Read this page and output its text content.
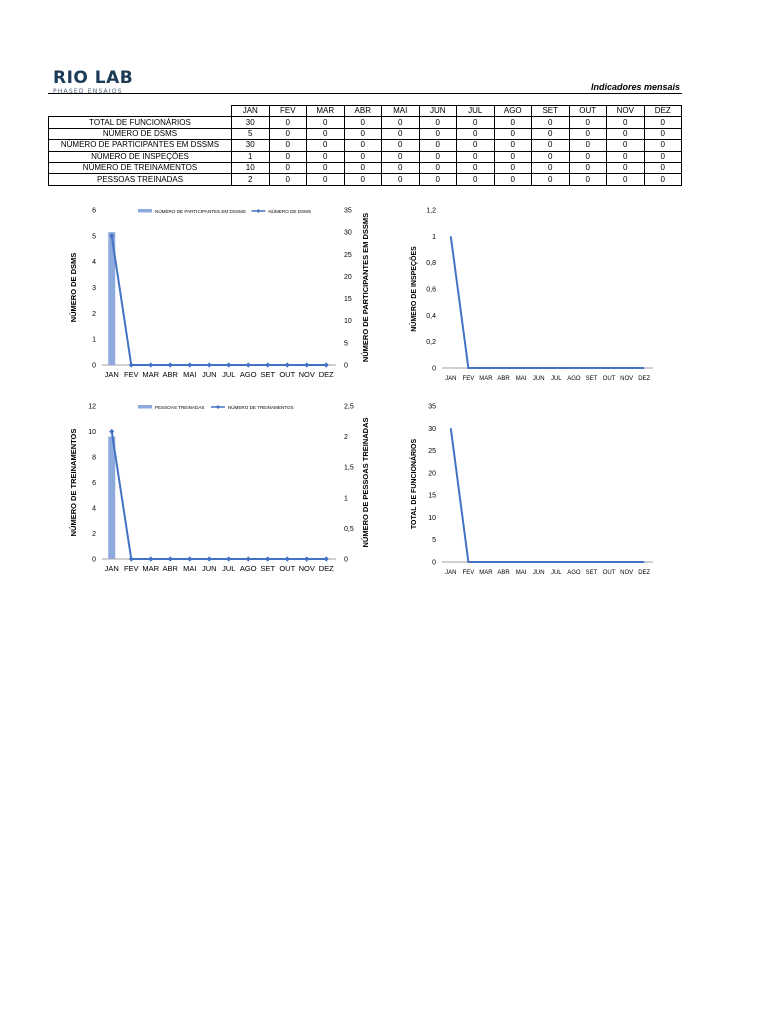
RIO LAB
PHASED ENSAIOS	Indicadores mensais
	JAN	FEV	MAR	ABR	MAI	JUN	JUL	AGO	SET	OUT	NOV	DEZ
TOTAL DE FUNCIONÁRIOS	30	0	0	0	0	0	0	0	0	0	0	0
NÚMERO DE DSMS	5	0	0	0	0	0	0	0	0	0	0	0
NÚMERO DE PARTICIPANTES EM DSSMS	30	0	0	0	0	0	0	0	0	0	0	0
NÚMERO DE INSPEÇÕES	1	0	0	0	0	0	0	0	0	0	0	0
NÚMERO DE TREINAMENTOS	10	0	0	0	0	0	0	0	0	0	0	0
PESSOAS TREINADAS	2	0	0	0	0	0	0	0	0	0	0	0
0
1
2
3
4
5
6
0
5
10
15
20
25
30
35
JAN FEV MAR ABR MAI JUN JUL AGO SET OUT NOV DEZ
NÚMERO DE DSMS	NÚMERO DE PARTICIPANTES EM DSSMS
NÚMERO DE PARTICIPANTES EM DSSMS	NÚMERO DE DSMS
0
0,2
0,4
0,6
0,8
1
1,2
JAN FEV MAR ABR MAI JUN JUL AGO SET OUT NOV DEZ
NÚMERO DE INSPEÇÕES
0
2
4
6
8
10
12
0
0,5
1
1,5
2
2,5
JAN FEV MAR ABR MAI JUN JUL AGO SET OUT NOV DEZ
NÚMERO DE TREINAMENTOS	NÚMERO DE PESSOAS TREINADAS
PESSOAS TREINADAS	NÚMERO DE TREINAMENTOS
0
5
10
15
20
25
30
35
JAN FEV MAR ABR MAI JUN JUL AGO SET OUT NOV DEZ
TOTAL DE FUNCIONÁRIOS
